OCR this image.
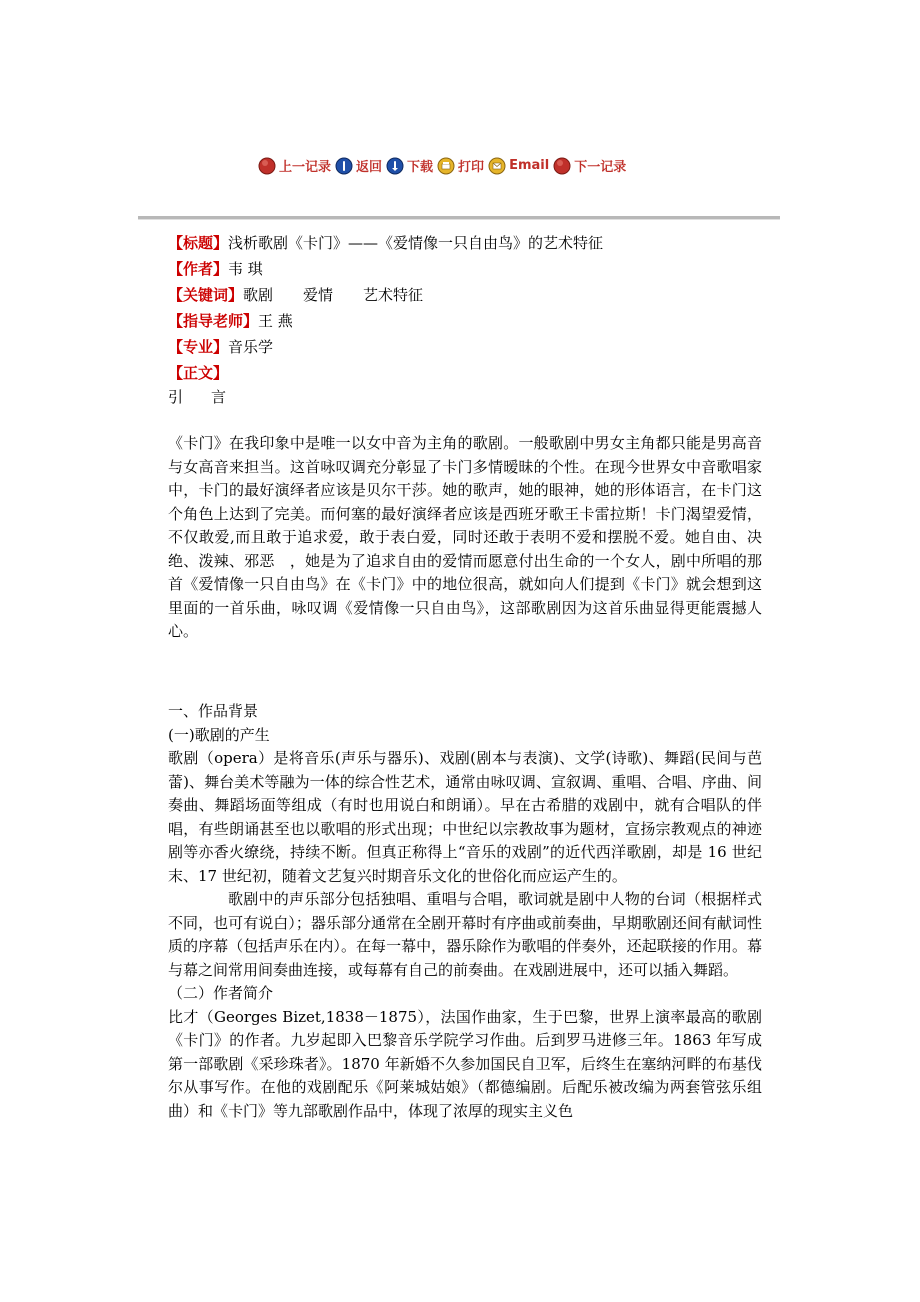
上一记录 返回 下载 打印 Email 下一记录
【标题】浅析歌剧《卡门》——《爱情像一只自由鸟》的艺术特征
【作者】韦 琪
【关键词】歌剧　　爱情　　艺术特征
【指导老师】王 燕
【专业】音乐学
【正文】
引言

《卡门》在我印象中是唯一以女中音为主角的歌剧。一般歌剧中男女主角都只能是男高音与女高音来担当。这首咏叹调充分彰显了卡门多情暧昧的个性。在现今世界女中音歌唱家中，卡门的最好演绎者应该是贝尔干莎。她的歌声，她的眼神，她的形体语言，在卡门这个角色上达到了完美。而何塞的最好演绎者应该是西班牙歌王卡雷拉斯！卡门渴望爱情，不仅敢爱,而且敢于追求爱，敢于表白爱，同时还敢于表明不爱和摆脱不爱。她自由、决绝、泼辣、邪恶　，她是为了追求自由的爱情而愿意付出生命的一个女人，剧中所唱的那首《爱情像一只自由鸟》在《卡门》中的地位很高，就如向人们提到《卡门》就会想到这里面的一首乐曲，咏叹调《爱情像一只自由鸟》，这部歌剧因为这首乐曲显得更能震撼人心。

一、作品背景

(一)歌剧的产生

歌剧（opera）是将音乐(声乐与器乐)、戏剧(剧本与表演)、文学(诗歌)、舞蹈(民间与芭蕾)、舞台美术等融为一体的综合性艺术，通常由咏叹调、宣叙调、重唱、合唱、序曲、间奏曲、舞蹈场面等组成（有时也用说白和朗诵）。早在古希腊的戏剧中，就有合唱队的伴唱，有些朗诵甚至也以歌唱的形式出现；中世纪以宗教故事为题材，宣扬宗教观点的神迹剧等亦香火缭绕，持续不断。但真正称得上“音乐的戏剧”的近代西洋歌剧，却是 16 世纪末、17 世纪初，随着文艺复兴时期音乐文化的世俗化而应运产生的。

歌剧中的声乐部分包括独唱、重唱与合唱，歌词就是剧中人物的台词（根据样式不同，也可有说白）；器乐部分通常在全剧开幕时有序曲或前奏曲，早期歌剧还间有献词性质的序幕（包括声乐在内）。在每一幕中，器乐除作为歌唱的伴奏外，还起联接的作用。幕与幕之间常用间奏曲连接，或每幕有自己的前奏曲。在戏剧进展中，还可以插入舞蹈。

（二）作者简介

比才（Georges Bizet,1838－1875），法国作曲家，生于巴黎，世界上演率最高的歌剧《卡门》的作者。九岁起即入巴黎音乐学院学习作曲。后到罗马进修三年。1863 年写成第一部歌剧《采珍珠者》。1870 年新婚不久参加国民自卫军，后终生在塞纳河畔的布基伐尔从事写作。在他的戏剧配乐《阿莱城姑娘》（都德编剧。后配乐被改编为两套管弦乐组曲）和《卡门》等九部歌剧作品中，体现了浓厚的现实主义色
